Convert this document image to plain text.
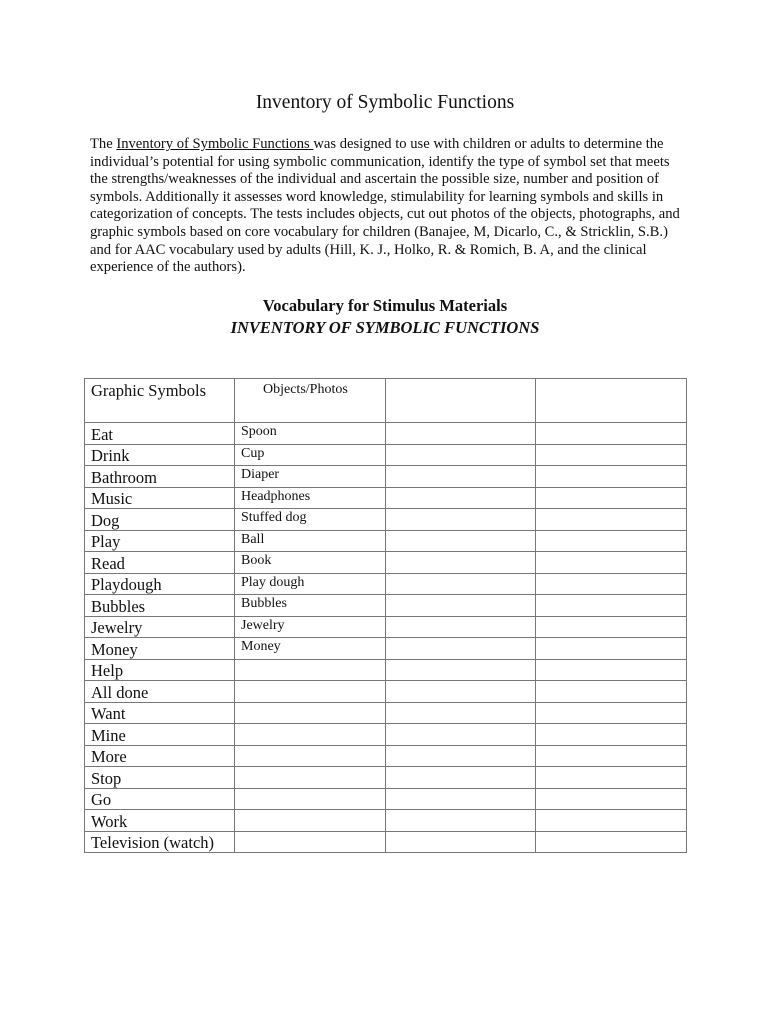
Inventory of Symbolic Functions
The Inventory of Symbolic Functions was designed to use with children or adults to determine the individual’s potential for using symbolic communication, identify the type of symbol set that meets the strengths/weaknesses of the individual and ascertain the possible size, number and position of symbols. Additionally it assesses word knowledge, stimulability for learning symbols and skills in categorization of concepts. The tests includes objects, cut out photos of the objects, photographs, and graphic symbols based on core vocabulary for children (Banajee, M, Dicarlo, C., & Stricklin, S.B.) and for AAC vocabulary used by adults (Hill, K. J., Holko, R. & Romich, B. A, and the clinical experience of the authors).
Vocabulary for Stimulus Materials
INVENTORY OF SYMBOLIC FUNCTIONS
Graphic Symbols	Objects/Photos		
Eat	Spoon		
Drink	Cup		
Bathroom	Diaper		
Music	Headphones		
Dog	Stuffed dog		
Play	Ball		
Read	Book		
Playdough	Play dough		
Bubbles	Bubbles		
Jewelry	Jewelry		
Money	Money		
Help			
All done			
Want			
Mine			
More			
Stop			
Go			
Work			
Television (watch)			
